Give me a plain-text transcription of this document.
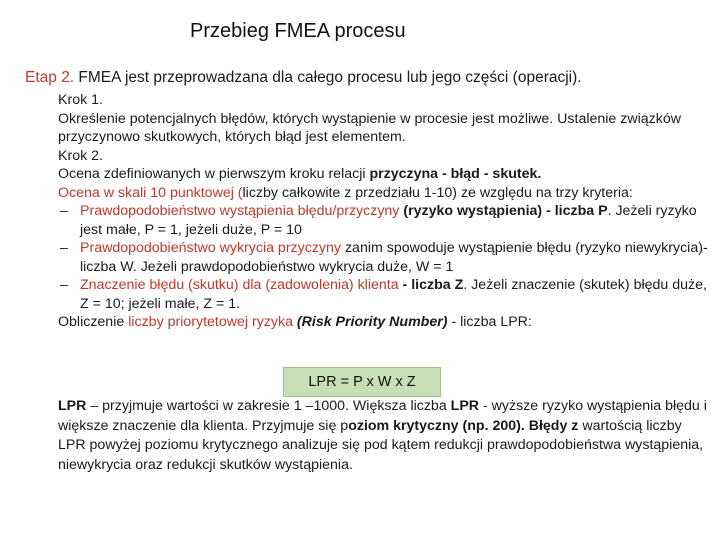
Przebieg FMEA procesu
Etap 2. FMEA jest przeprowadzana dla całego procesu lub jego części (operacji).

Krok 1.

Określenie potencjalnych błędów, których wystąpienie w procesie jest możliwe. Ustalenie związków przyczynowo skutkowych, których błąd jest elementem.

Krok 2.

Ocena zdefiniowanych w pierwszym kroku relacji przyczyna - błąd - skutek.

Ocena w skali 10 punktowej (liczby całkowite z przedziału 1-10) ze względu na trzy kryteria:

– Prawdopodobieństwo wystąpienia błędu/przyczyny (ryzyko wystąpienia) - liczba P. Jeżeli ryzyko jest małe, P = 1, jeżeli duże, P = 10

– Prawdopodobieństwo wykrycia przyczyny zanim spowoduje wystąpienie błędu (ryzyko niewykrycia)- liczba W. Jeżeli prawdopodobieństwo wykrycia duże, W = 1

– Znaczenie błędu (skutku) dla (zadowolenia) klienta - liczba Z. Jeżeli znaczenie (skutek) błędu duże, Z = 10; jeżeli małe, Z = 1.

Obliczenie liczby priorytetowej ryzyka (Risk Priority Number) - liczba LPR:

LPR = P x W x Z

LPR – przyjmuje wartości w zakresie 1 –1000. Większa liczba LPR - wyższe ryzyko wystąpienia błędu i większe znaczenie dla klienta. Przyjmuje się poziom krytyczny (np. 200). Błędy z wartością liczby LPR powyżej poziomu krytycznego analizuje się pod kątem redukcji prawdopodobieństwa wystąpienia, niewykrycia oraz redukcji skutków wystąpienia.
